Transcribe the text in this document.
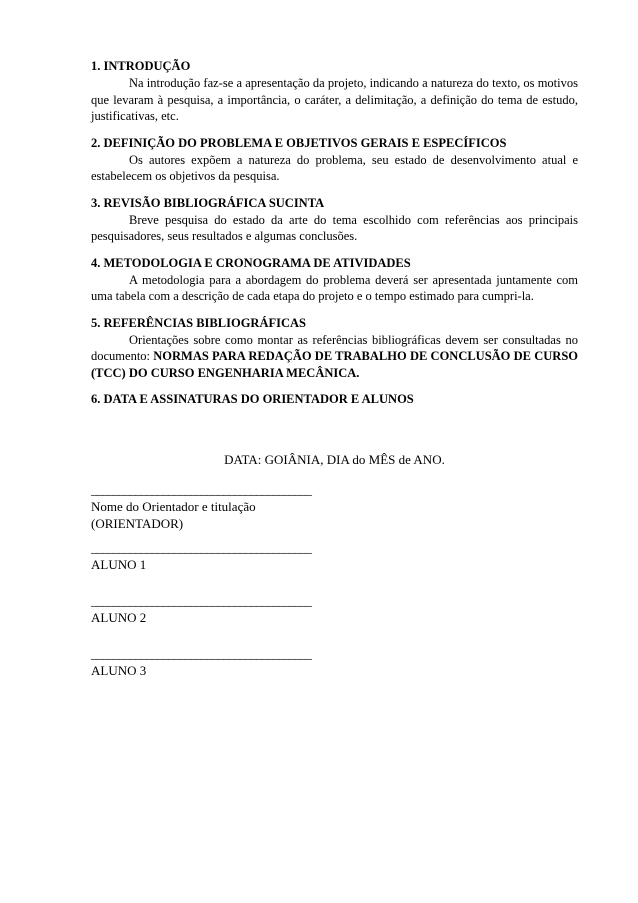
1. INTRODUÇÃO

Na introdução faz-se a apresentação da projeto, indicando a natureza do texto, os motivos que levaram à pesquisa, a importância, o caráter, a delimitação, a definição do tema de estudo, justificativas, etc.

2. DEFINIÇÃO DO PROBLEMA E OBJETIVOS GERAIS E ESPECÍFICOS

Os autores expõem a natureza do problema, seu estado de desenvolvimento atual e estabelecem os objetivos da pesquisa.

3. REVISÃO BIBLIOGRÁFICA SUCINTA

Breve pesquisa do estado da arte do tema escolhido com referências aos principais pesquisadores, seus resultados e algumas conclusões.

4. METODOLOGIA E CRONOGRAMA DE ATIVIDADES

A metodologia para a abordagem do problema deverá ser apresentada juntamente com uma tabela com a descrição de cada etapa do projeto e o tempo estimado para cumpri-la.

5. REFERÊNCIAS BIBLIOGRÁFICAS

Orientações sobre como montar as referências bibliográficas devem ser consultadas no documento: NORMAS PARA REDAÇÃO DE TRABALHO DE CONCLUSÃO DE CURSO (TCC) DO CURSO ENGENHARIA MECÂNICA.

6. DATA E ASSINATURAS DO ORIENTADOR E ALUNOS

DATA: GOIÂNIA, DIA do MÊS de ANO.
________________________________________
Nome do Orientador e titulação
(ORIENTADOR)
________________________________________
ALUNO 1
________________________________________
ALUNO 2
________________________________________
ALUNO 3
